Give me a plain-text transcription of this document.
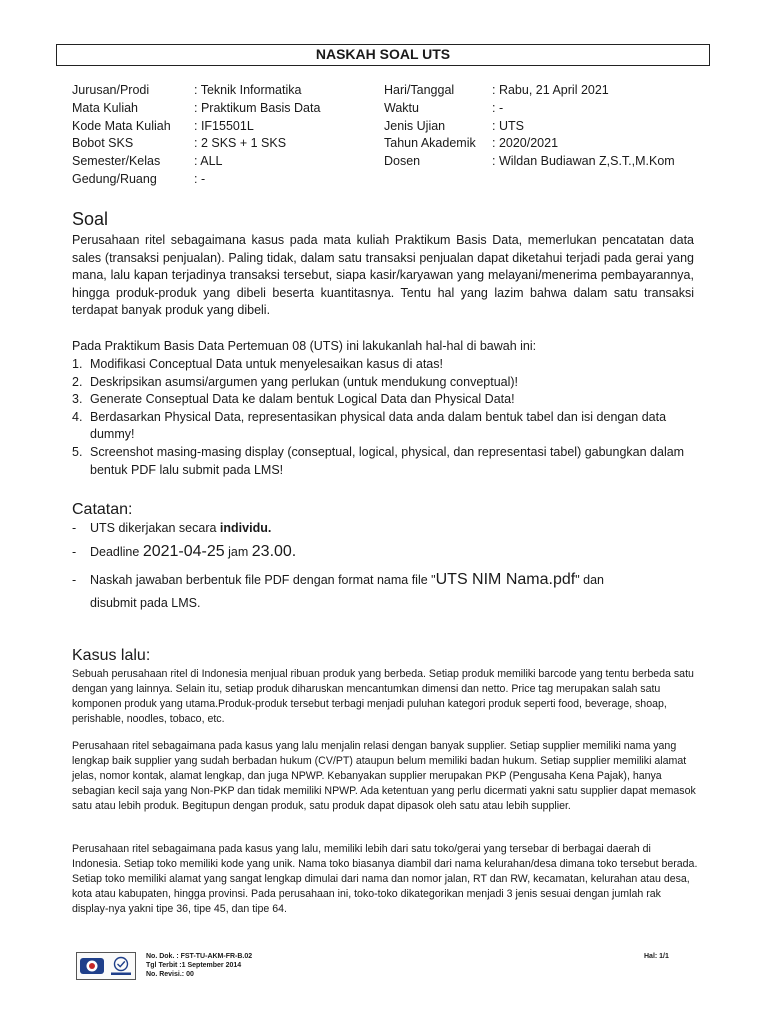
NASKAH SOAL UTS
Jurusan/Prodi	: Teknik Informatika
Mata Kuliah	: Praktikum Basis Data
Kode Mata Kuliah	: IF15501L
Bobot SKS	: 2 SKS + 1 SKS
Semester/Kelas	: ALL
Gedung/Ruang	: -
Hari/Tanggal	: Rabu, 21 April 2021
Waktu	: -
Jenis Ujian	: UTS
Tahun Akademik	: 2020/2021
Dosen	: Wildan Budiawan Z,S.T.,M.Kom
Soal

Perusahaan ritel sebagaimana kasus pada mata kuliah Praktikum Basis Data, memerlukan pencatatan data sales (transaksi penjualan). Paling tidak, dalam satu transaksi penjualan dapat diketahui terjadi pada gerai yang mana, lalu kapan terjadinya transaksi tersebut, siapa kasir/karyawan yang melayani/menerima pembayarannya, hingga produk-produk yang dibeli beserta kuantitasnya. Tentu hal yang lazim bahwa dalam satu transaksi terdapat banyak produk yang dibeli.

Pada Praktikum Basis Data Pertemuan 08 (UTS) ini lakukanlah hal-hal di bawah ini:

1. Modifikasi Conceptual Data untuk menyelesaikan kasus di atas!
2. Deskripsikan asumsi/argumen yang perlukan (untuk mendukung conveptual)!
3. Generate Conseptual Data ke dalam bentuk Logical Data dan Physical Data!
4. Berdasarkan Physical Data, representasikan physical data anda dalam bentuk tabel dan isi dengan data dummy!
5. Screenshot masing-masing display (conseptual, logical, physical, dan representasi tabel) gabungkan dalam bentuk PDF lalu submit pada LMS!
Catatan:
- UTS dikerjakan secara individu.
- Deadline 2021-04-25 jam 23.00.
- Naskah jawaban berbentuk file PDF dengan format nama file "UTS NIM Nama.pdf" dan
disubmit pada LMS.
Kasus lalu:

Sebuah perusahaan ritel di Indonesia menjual ribuan produk yang berbeda. Setiap produk memiliki barcode yang tentu berbeda satu dengan yang lainnya. Selain itu, setiap produk diharuskan mencantumkan dimensi dan netto. Price tag merupakan salah satu komponen produk yang utama.Produk-produk tersebut terbagi menjadi puluhan kategori produk seperti food, beverage, shoap, perishable, noodles, tobaco, etc.

Perusahaan ritel sebagaimana pada kasus yang lalu menjalin relasi dengan banyak supplier. Setiap supplier memiliki nama yang lengkap baik supplier yang sudah berbadan hukum (CV/PT) ataupun belum memiliki badan hukum. Setiap supplier memiliki alamat jelas, nomor kontak, alamat lengkap, dan juga NPWP. Kebanyakan supplier merupakan PKP (Pengusaha Kena Pajak), hanya sebagian kecil saja yang Non-PKP dan tidak memiliki NPWP. Ada ketentuan yang perlu dicermati yakni satu supplier dapat memasok satu atau lebih produk. Begitupun dengan produk, satu produk dapat dipasok oleh satu atau lebih supplier.

Perusahaan ritel sebagaimana pada kasus yang lalu, memiliki lebih dari satu toko/gerai yang tersebar di berbagai daerah di Indonesia. Setiap toko memiliki kode yang unik. Nama toko biasanya diambil dari nama kelurahan/desa dimana toko tersebut berada. Setiap toko memiliki alamat yang sangat lengkap dimulai dari nama dan nomor jalan, RT dan RW, kecamatan, kelurahan atau desa, kota atau kabupaten, hingga provinsi. Pada perusahaan ini, toko-toko dikategorikan menjadi 3 jenis sesuai dengan jumlah rak display-nya yakni tipe 36, tipe 45, dan tipe 64.

No. Dok. : FST-TU-AKM-FR-B.02
Tgl Terbit :1 September 2014
No. Revisi.: 00
Hal: 1/1
